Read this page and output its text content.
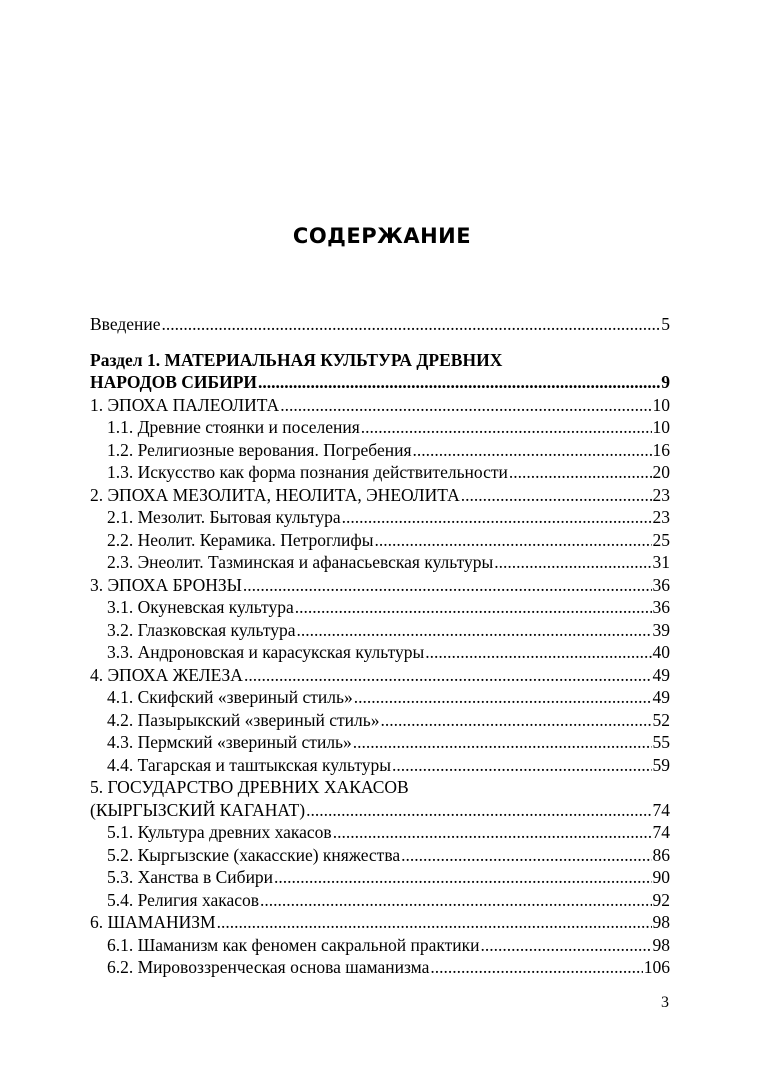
СОДЕРЖАНИЕ
Введение .....	5
Раздел 1. МАТЕРИАЛЬНАЯ КУЛЬТУРА ДРЕВНИХ
НАРОДОВ СИБИРИ .....	9
1. ЭПОХА ПАЛЕОЛИТА .....	10
1.1. Древние стоянки и поселения .....	10
1.2. Религиозные верования. Погребения .....	16
1.3. Искусство как форма познания действительности .....	20
2. ЭПОХА МЕЗОЛИТА, НЕОЛИТА, ЭНЕОЛИТА .....	23
2.1. Мезолит. Бытовая культура .....	23
2.2. Неолит. Керамика. Петроглифы .....	25
2.3. Энеолит. Тазминская и афанасьевская культуры .....	31
3. ЭПОХА БРОНЗЫ .....	36
3.1. Окуневская культура .....	36
3.2. Глазковская культура .....	39
3.3. Андроновская и карасукская культуры .....	40
4. ЭПОХА ЖЕЛЕЗА .....	49
4.1. Скифский «звериный стиль» .....	49
4.2. Пазырыкский «звериный стиль» .....	52
4.3. Пермский «звериный стиль» .....	55
4.4. Тагарская и таштыкская культуры .....	59
5. ГОСУДАРСТВО ДРЕВНИХ ХАКАСОВ
(КЫРГЫЗСКИЙ КАГАНАТ) .....	74
5.1. Культура древних хакасов .....	74
5.2. Кыргызские (хакасские) княжества .....	86
5.3. Ханства в Сибири .....	90
5.4. Религия хакасов .....	92
6. ШАМАНИЗМ .....	98
6.1. Шаманизм как феномен сакральной практики .....	98
6.2. Мировоззренческая основа шаманизма .....	106
3
